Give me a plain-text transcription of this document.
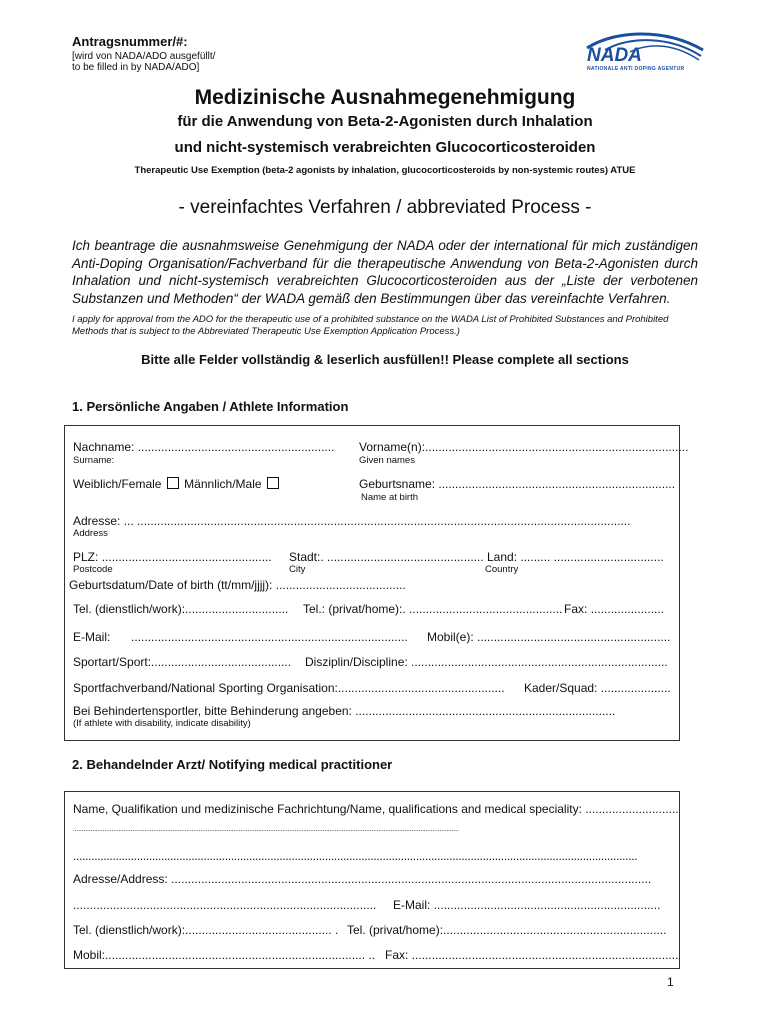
Antragsnummer/#:
[wird von NADA/ADO ausgefüllt/
to be filled in by NADA/ADO]
NADA
NATIONALE ANTI DOPING AGENTUR
Medizinische Ausnahmegenehmigung
für die Anwendung von Beta-2-Agonisten durch Inhalation
und nicht-systemisch verabreichten Glucocorticosteroiden
Therapeutic Use Exemption (beta-2 agonists by inhalation, glucocorticosteroids by non-systemic routes) ATUE
- vereinfachtes Verfahren / abbreviated Process -
Ich beantrage die ausnahmsweise Genehmigung der NADA oder der international für mich zuständigen Anti-Doping Organisation/Fachverband für die therapeutische Anwendung von Beta-2-Agonisten durch Inhalation und nicht-systemisch verabreichten Glucocorticosteroiden aus der „Liste der verbotenen Substanzen und Methoden“ der WADA gemäß den Bestimmungen über das vereinfachte Verfahren.
I apply for approval from the ADO for the therapeutic use of a prohibited substance on the WADA List of Prohibited Substances and Prohibited Methods that is subject to the Abbreviated Therapeutic Use Exemption Application Process.)
Bitte alle Felder vollständig & leserlich ausfüllen!! Please complete all sections
1. Persönliche Angaben / Athlete Information
Nachname: ...........................................................
Surname:
Vorname(n):...............................................................................
Given names
Weiblich/Female Männlich/Male	Geburtsname: .......................................................................
Name at birth
Adresse: ... ....................................................................................................................................................
Address
PLZ: ...................................................
Postcode
Stadt:. ...............................................
City
Land: ......... .................................
Country
Geburtsdatum/Date of birth (tt/mm/jjjj): .......................................
Tel. (dienstlich/work):............................... Tel.: (privat/home):. .............................................. Fax: ......................
E-Mail: ................................................................................... Mobil(e): ..........................................................
Sportart/Sport:.......................................... Disziplin/Discipline: .............................................................................
Sportfachverband/National Sporting Organisation:.................................................. Kader/Squad: .....................
Bei Behindertensportler, bitte Behinderung angeben: ..............................................................................
(If athlete with disability, indicate disability)
2. Behandelnder Arzt/ Notifying medical practitioner
Name, Qualifikation und medizinische Fachrichtung/Name, qualifications and medical speciality: ............................
.............................................................................................................................................................................................................................
..........................................................................................................................................................................................
Adresse/Address: ................................................................................................................................................
........................................................................................... E-Mail: ....................................................................
Tel. (dienstlich/work):............................................ . Tel. (privat/home):...................................................................
Mobil:.............................................................................. .. Fax: ................................................................................
1
